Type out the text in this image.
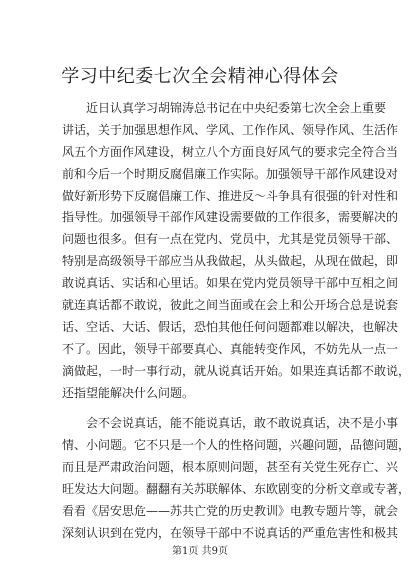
学习中纪委七次全会精神心得体会
近日认真学习胡锦涛总书记在中央纪委第七次全会上重要
讲话，关于加强思想作风、学风、工作作风、领导作风、生活作
风五个方面作风建设，树立八个方面良好风气的要求完全符合当
前和今后一个时期反腐倡廉工作实际。加强领导干部作风建设对
做好新形势下反腐倡廉工作、推进反～斗争具有很强的针对性和
指导性。加强领导干部作风建设需要做的工作很多，需要解决的
问题也很多。但有一点在党内、党员中，尤其是党员领导干部、
特别是高级领导干部应当从我做起，从头做起，从现在做起，即
敢说真话、实话和心里话。如果在党内党员领导干部中互相之间
就连真话都不敢说，彼此之间当面或在会上和公开场合总是说套
话、空话、大话、假话，恐怕其他任何问题都难以解决，也解决
不了。因此，领导干部要真心、真能转变作风，不妨先从一点一
滴做起，一时一事行动，就从说真话开始。如果连真话都不敢说，
还指望能解决什么问题。
会不会说真话，能不能说真话，敢不敢说真话，决不是小事
情、小问题。它不只是一个人的性格问题，兴趣问题，品德问题，
而且是严肃政治问题，根本原则问题，甚至有关党生死存亡、兴
旺发达大问题。翻翻有关苏联解体、东欧剧变的分析文章或专著，
看看《居安思危——苏共亡党的历史教训》电教专题片等，就会
深刻认识到在党内，在领导干部中不说真话的严重危害性和极其
第1页 共9页
